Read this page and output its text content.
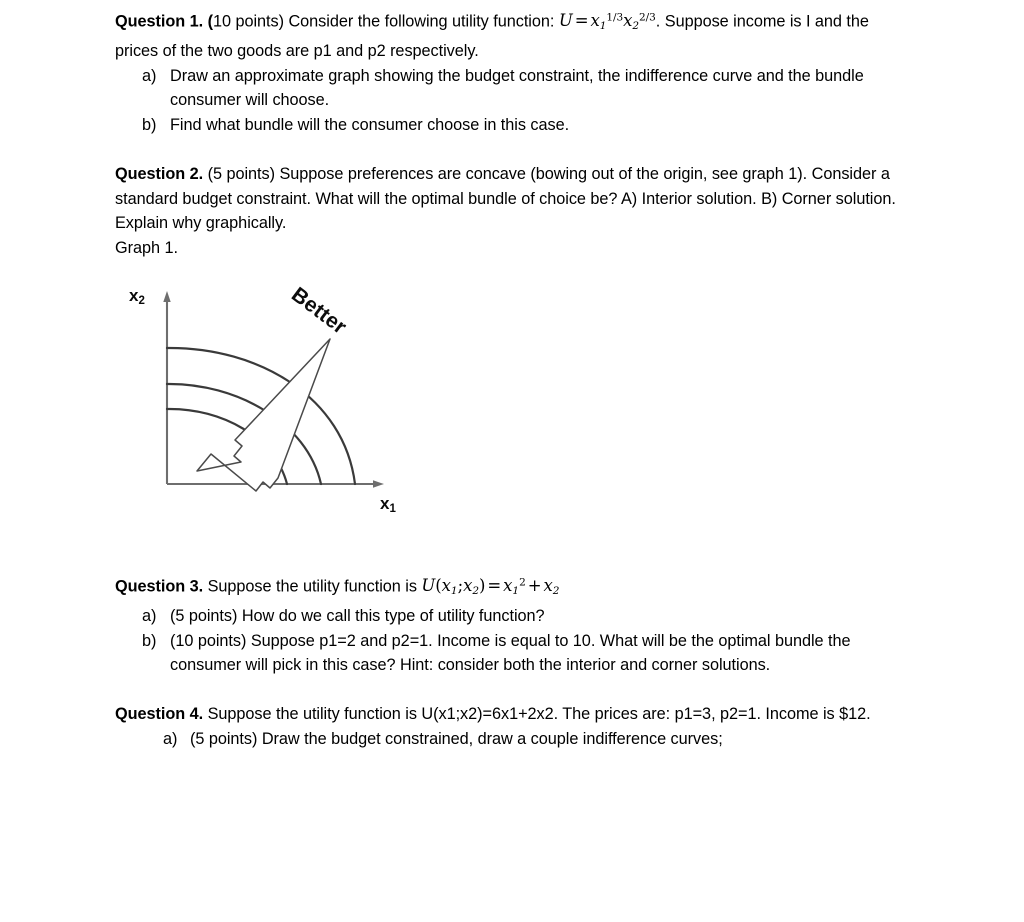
Question 1. (10 points) Consider the following utility function: $U = x_1^{1/3}x_2^{2/3}$. Suppose income is I and the prices of the two goods are p1 and p2 respectively.

a) Draw an approximate graph showing the budget constraint, the indifference curve and the bundle consumer will choose.
b) Find what bundle will the consumer choose in this case.

Question 2. (5 points) Suppose preferences are concave (bowing out of the origin, see graph 1). Consider a standard budget constraint. What will the optimal bundle of choice be? A) Interior solution. B) Corner solution. Explain why graphically.

Graph 1.

$x_2$
$x_1$
Better

Question 3. Suppose the utility function is $U(x_1;x_2) = x_1^2 + x_2$

a) (5 points) How do we call this type of utility function?
b) (10 points) Suppose p1=2 and p2=1. Income is equal to 10. What will be the optimal bundle the consumer will pick in this case? Hint: consider both the interior and corner solutions.

Question 4. Suppose the utility function is U(x1;x2)=6x1+2x2. The prices are: p1=3, p2=1. Income is $12.

a) (5 points) Draw the budget constrained, draw a couple indifference curves;
